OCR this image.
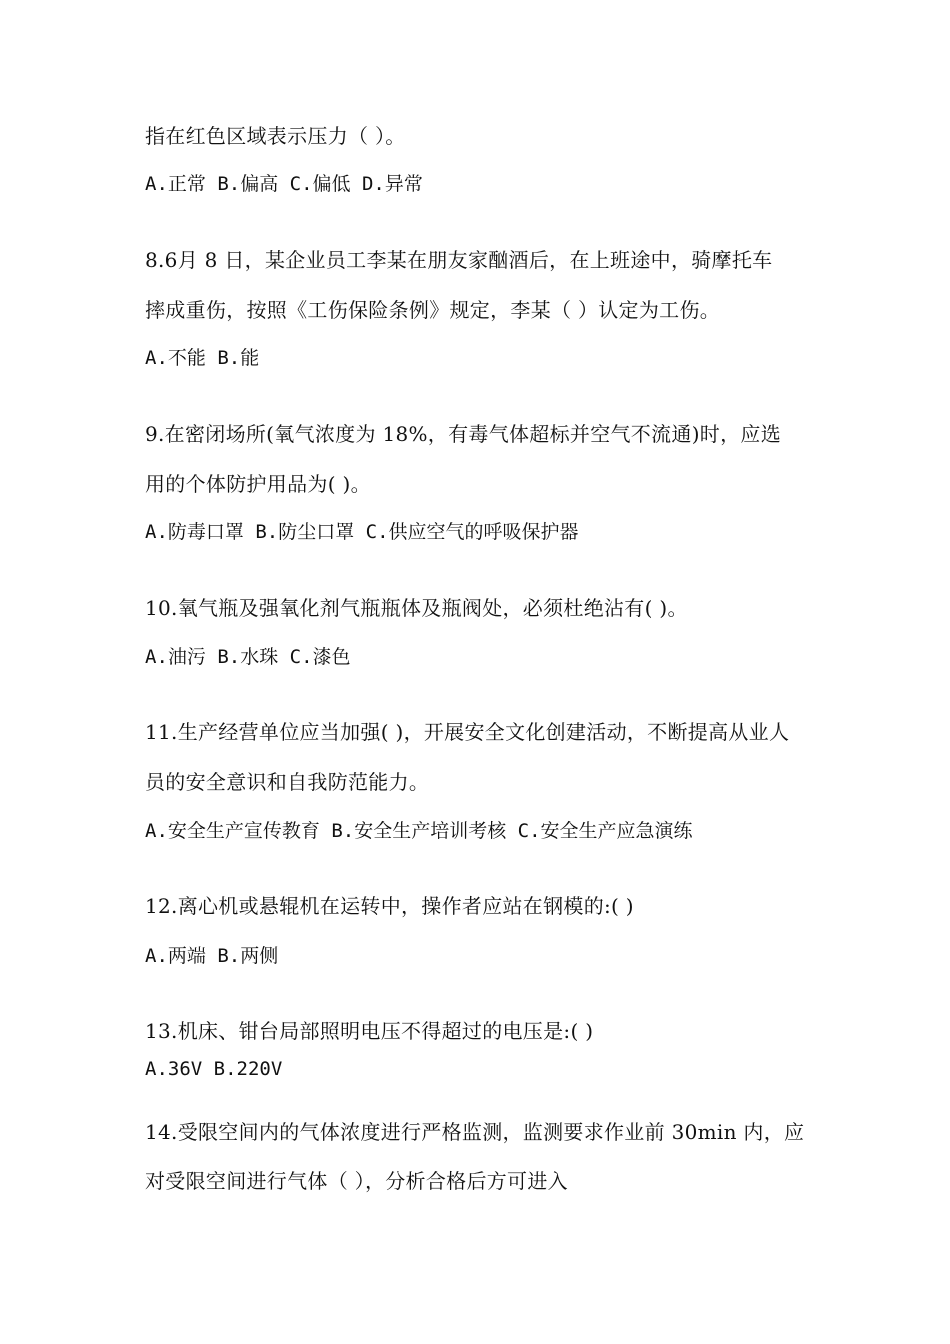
指在红色区域表示压力（ ）。
A.正常 B.偏高 C.偏低 D.异常
8.6月 8 日，某企业员工李某在朋友家酗酒后，在上班途中，骑摩托车
摔成重伤，按照《工伤保险条例》规定，李某（ ）认定为工伤。
A.不能 B.能
9.在密闭场所(氧气浓度为 18%，有毒气体超标并空气不流通)时，应选
用的个体防护用品为( )。
A.防毒口罩 B.防尘口罩 C.供应空气的呼吸保护器
10.氧气瓶及强氧化剂气瓶瓶体及瓶阀处，必须杜绝沾有( )。
A.油污 B.水珠 C.漆色
11.生产经营单位应当加强( )，开展安全文化创建活动，不断提高从业人
员的安全意识和自我防范能力。
A.安全生产宣传教育 B.安全生产培训考核 C.安全生产应急演练
12.离心机或悬辊机在运转中，操作者应站在钢模的:( )
A.两端 B.两侧
13.机床、钳台局部照明电压不得超过的电压是:( )
A.36V B.220V
14.受限空间内的气体浓度进行严格监测，监测要求作业前 30min 内，应
对受限空间进行气体（ ），分析合格后方可进入
